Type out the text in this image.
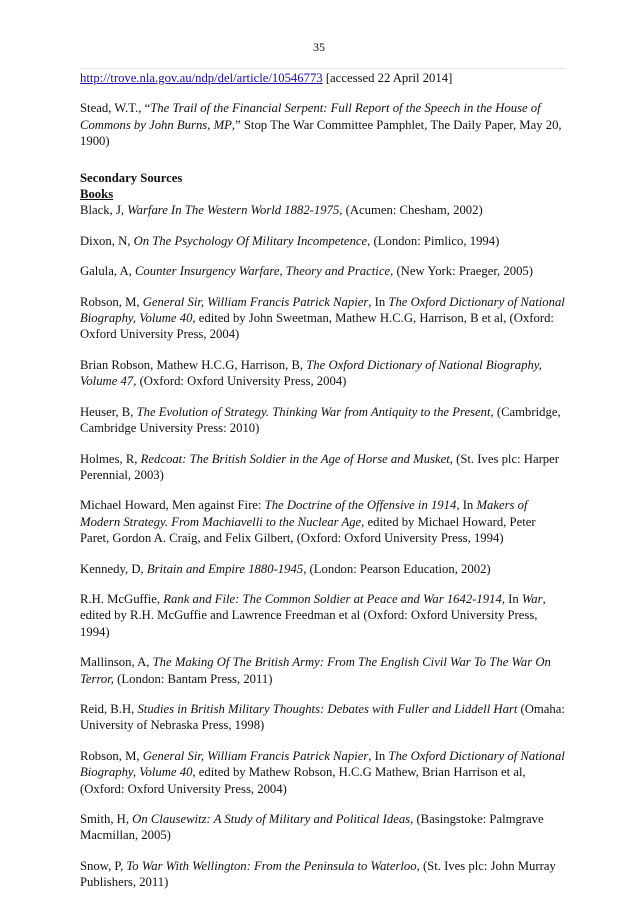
35
http://trove.nla.gov.au/ndp/del/article/10546773 [accessed 22 April 2014]
Stead, W.T., “The Trail of the Financial Serpent: Full Report of the Speech in the House of Commons by John Burns, MP,” Stop The War Committee Pamphlet, The Daily Paper, May 20, 1900)
Secondary Sources
Books
Black, J, Warfare In The Western World 1882-1975, (Acumen: Chesham, 2002)
Dixon, N, On The Psychology Of Military Incompetence, (London: Pimlico, 1994)
Galula, A, Counter Insurgency Warfare, Theory and Practice, (New York: Praeger, 2005)
Robson, M, General Sir, William Francis Patrick Napier, In The Oxford Dictionary of National Biography, Volume 40, edited by John Sweetman, Mathew H.C.G, Harrison, B et al, (Oxford: Oxford University Press, 2004)
Brian Robson, Mathew H.C.G, Harrison, B, The Oxford Dictionary of National Biography, Volume 47, (Oxford: Oxford University Press, 2004)
Heuser, B, The Evolution of Strategy. Thinking War from Antiquity to the Present, (Cambridge, Cambridge University Press: 2010)
Holmes, R, Redcoat: The British Soldier in the Age of Horse and Musket, (St. Ives plc: Harper Perennial, 2003)
Michael Howard, Men against Fire: The Doctrine of the Offensive in 1914, In Makers of Modern Strategy. From Machiavelli to the Nuclear Age, edited by Michael Howard, Peter Paret, Gordon A. Craig, and Felix Gilbert, (Oxford: Oxford University Press, 1994)
Kennedy, D, Britain and Empire 1880-1945, (London: Pearson Education, 2002)
R.H. McGuffie, Rank and File: The Common Soldier at Peace and War 1642-1914, In War, edited by R.H. McGuffie and Lawrence Freedman et al (Oxford: Oxford University Press, 1994)
Mallinson, A, The Making Of The British Army: From The English Civil War To The War On Terror, (London: Bantam Press, 2011)
Reid, B.H, Studies in British Military Thoughts: Debates with Fuller and Liddell Hart (Omaha: University of Nebraska Press, 1998)
Robson, M, General Sir, William Francis Patrick Napier, In The Oxford Dictionary of National Biography, Volume 40, edited by Mathew Robson, H.C.G Mathew, Brian Harrison et al, (Oxford: Oxford University Press, 2004)
Smith, H, On Clausewitz: A Study of Military and Political Ideas, (Basingstoke: Palmgrave Macmillan, 2005)
Snow, P, To War With Wellington: From the Peninsula to Waterloo, (St. Ives plc: John Murray Publishers, 2011)
